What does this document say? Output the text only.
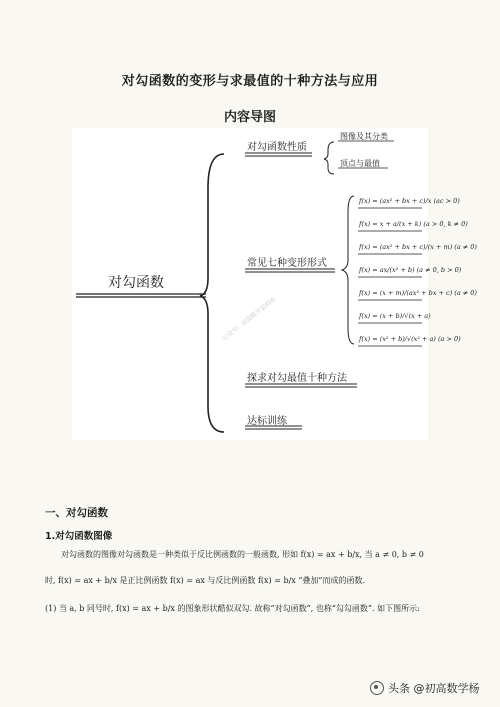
对勾函数的变形与求最值的十种方法与应用
内容导图
对勾函数
对勾函数性质
图像及其分类
顶点与最值
常见七种变形形式
f(x) = (ax² + bx + c)/x (ac > 0)
f(x) = x + a/(x + k) (a > 0, k ≠ 0)
f(x) = (ax² + bx + c)/(x + m) (a ≠ 0)
f(x) = ax/(x² + b) (a ≠ 0, b > 0)
f(x) = (x + m)/(ax² + bx + c) (a ≠ 0)
f(x) = (x + b)/√(x + a)
f(x) = (x² + b)/√(x² + a) (a > 0)
探求对勾最值十种方法
达标训练
公众号：初高数学资料库
一、对勾函数
1.对勾函数图像
对勾函数的图像对勾函数是一种类似于反比例函数的一般函数, 形如 f(x) = ax + b/x, 当 a ≠ 0, b ≠ 0
时, f(x) = ax + b/x 是正比例函数 f(x) = ax 与反比例函数 f(x) = b/x “叠加”而成的函数.
(1) 当 a, b 同号时, f(x) = ax + b/x 的图象形状酷似双勾. 故称“对勾函数”, 也称“勾勾函数”. 如下图所示:
头条 @初高数学杨
